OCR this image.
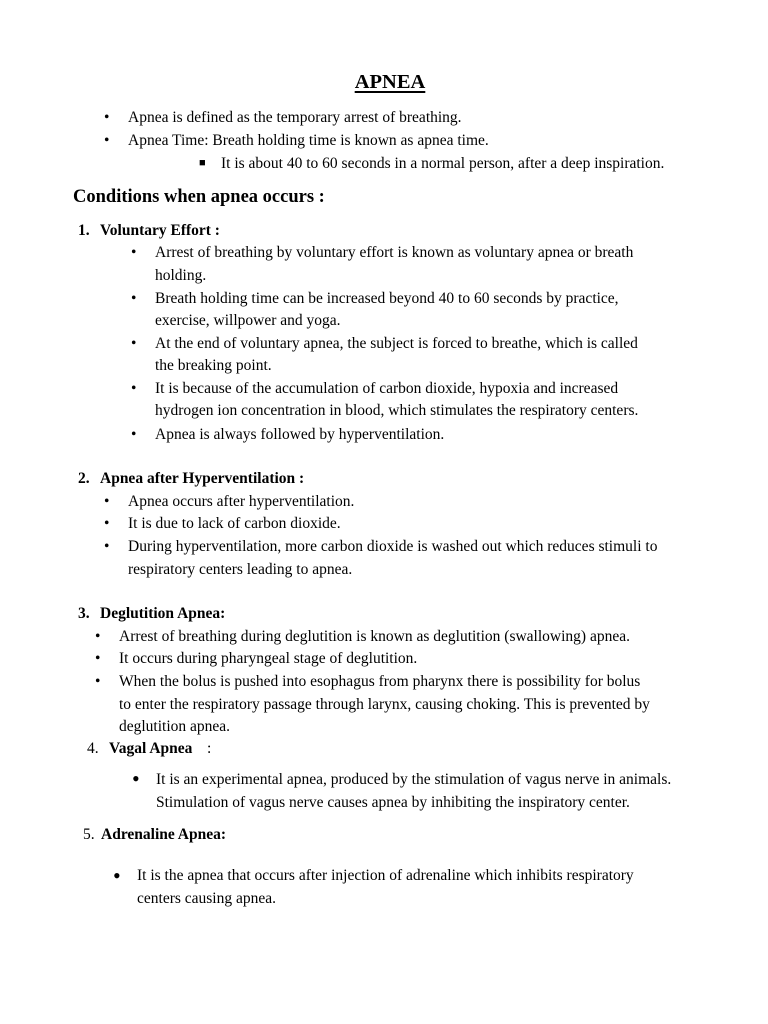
APNEA
• Apnea is defined as the temporary arrest of breathing.
• Apnea Time: Breath holding time is known as apnea time.
■ It is about 40 to 60 seconds in a normal person, after a deep inspiration.
Conditions when apnea occurs :
1. Voluntary Effort :
• Arrest of breathing by voluntary effort is known as voluntary apnea or breath
holding.
• Breath holding time can be increased beyond 40 to 60 seconds by practice,
exercise, willpower and yoga.
• At the end of voluntary apnea, the subject is forced to breathe, which is called
the breaking point.
• It is because of the accumulation of carbon dioxide, hypoxia and increased
hydrogen ion concentration in blood, which stimulates the respiratory centers.
• Apnea is always followed by hyperventilation.
2. Apnea after Hyperventilation :
• Apnea occurs after hyperventilation.
• It is due to lack of carbon dioxide.
• During hyperventilation, more carbon dioxide is washed out which reduces stimuli to
respiratory centers leading to apnea.
3. Deglutition Apnea:
• Arrest of breathing during deglutition is known as deglutition (swallowing) apnea.
• It occurs during pharyngeal stage of deglutition.
• When the bolus is pushed into esophagus from pharynx there is possibility for bolus
to enter the respiratory passage through larynx, causing choking. This is prevented by
deglutition apnea.
4. Vagal Apnea :
• It is an experimental apnea, produced by the stimulation of vagus nerve in animals.
Stimulation of vagus nerve causes apnea by inhibiting the inspiratory center.
5. Adrenaline Apnea:
• It is the apnea that occurs after injection of adrenaline which inhibits respiratory
centers causing apnea.
